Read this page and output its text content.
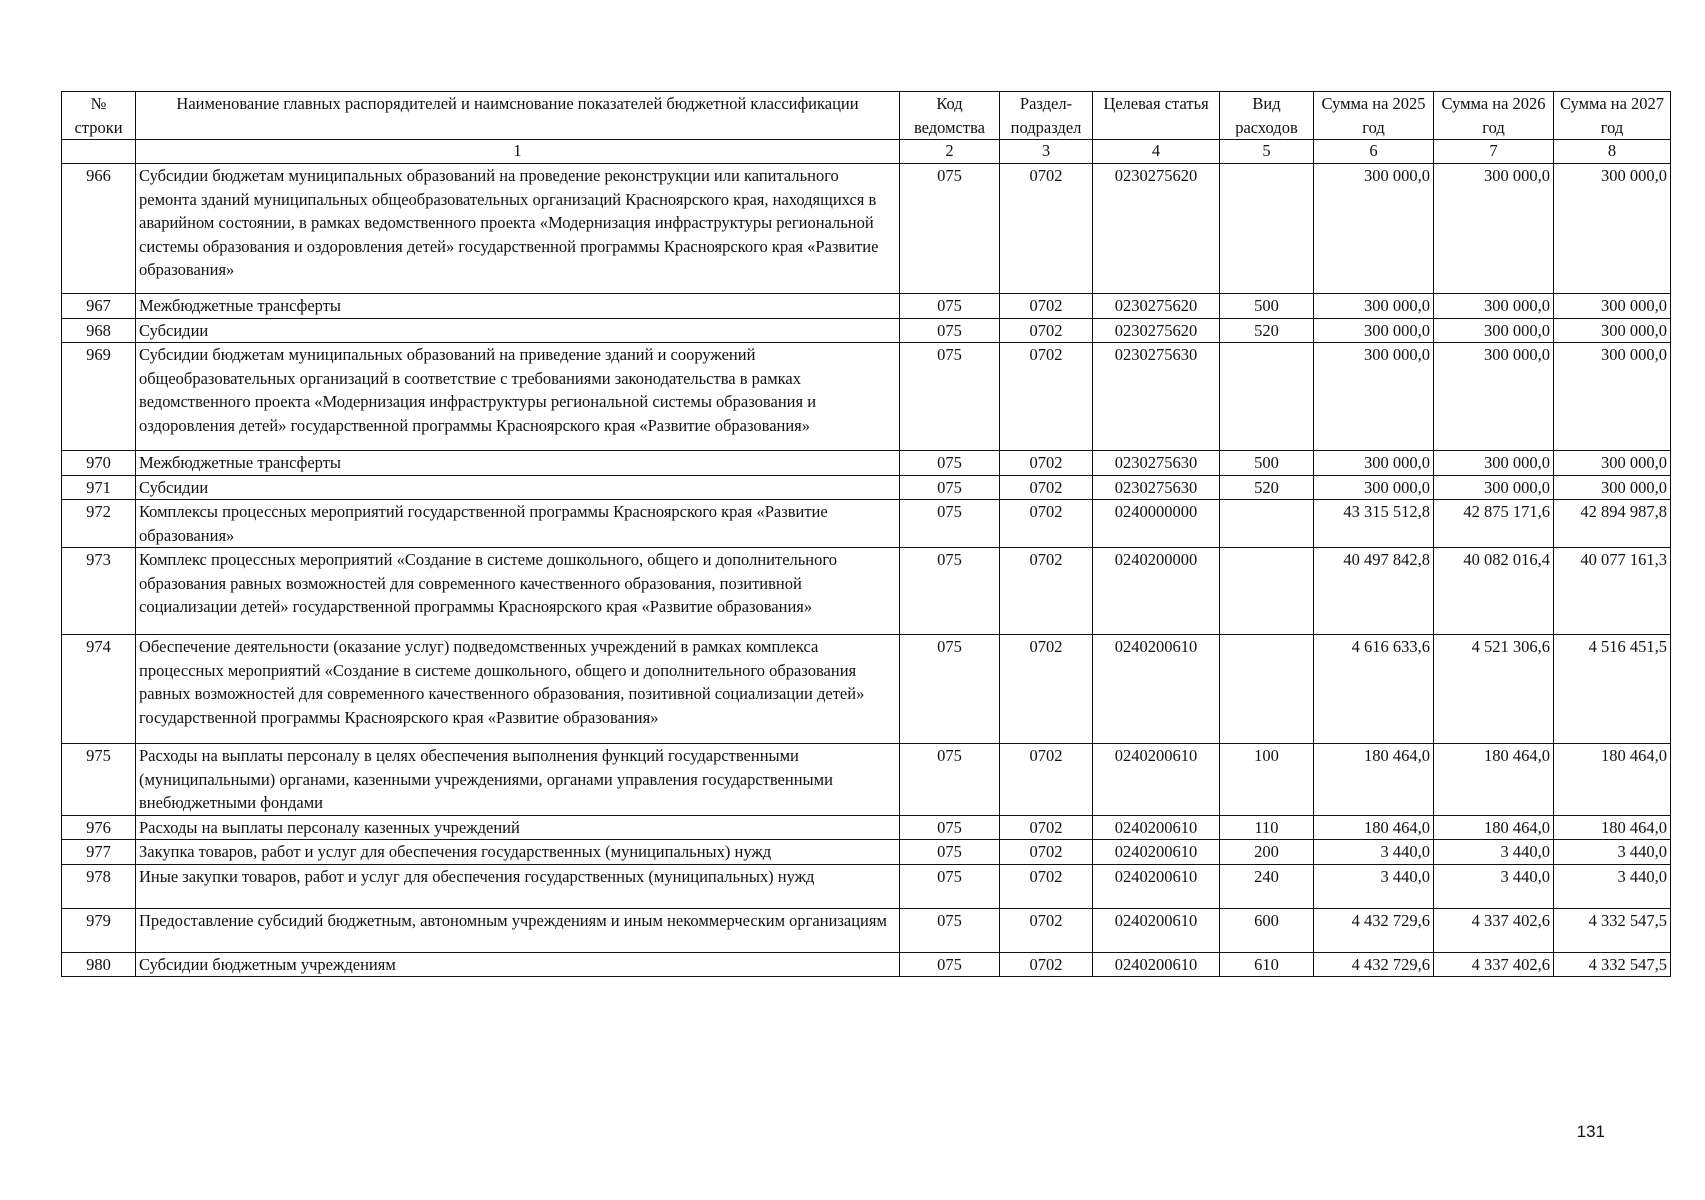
№ строки	Наименование главных распорядителей и наимснование показателей бюджетной классификации	Код ведомства	Раздел-подраздел	Целевая статья	Вид расходов	Сумма на 2025 год	Сумма на 2026 год	Сумма на 2027 год
	1	2	3	4	5	6	7	8
966	Субсидии бюджетам муниципальных образований на проведение реконструкции или капитального ремонта зданий муниципальных общеобразовательных организаций Красноярского края, находящихся в аварийном состоянии, в рамках ведомственного проекта «Модернизация инфраструктуры региональной системы образования и оздоровления детей» государственной программы Красноярского края «Развитие образования»	075	0702	0230275620		300 000,0	300 000,0	300 000,0
967	Межбюджетные трансферты	075	0702	0230275620	500	300 000,0	300 000,0	300 000,0
968	Субсидии	075	0702	0230275620	520	300 000,0	300 000,0	300 000,0
969	Субсидии бюджетам муниципальных образований на приведение зданий и сооружений общеобразовательных организаций в соответствие с требованиями законодательства в рамках ведомственного проекта «Модернизация инфраструктуры региональной системы образования и оздоровления детей» государственной программы Красноярского края «Развитие образования»	075	0702	0230275630		300 000,0	300 000,0	300 000,0
970	Межбюджетные трансферты	075	0702	0230275630	500	300 000,0	300 000,0	300 000,0
971	Субсидии	075	0702	0230275630	520	300 000,0	300 000,0	300 000,0
972	Комплексы процессных мероприятий государственной программы Красноярского края «Развитие образования»	075	0702	0240000000		43 315 512,8	42 875 171,6	42 894 987,8
973	Комплекс процессных мероприятий «Создание в системе дошкольного, общего и дополнительного образования равных возможностей для современного качественного образования, позитивной социализации детей» государственной программы Красноярского края «Развитие образования»	075	0702	0240200000		40 497 842,8	40 082 016,4	40 077 161,3
974	Обеспечение деятельности (оказание услуг) подведомственных учреждений в рамках комплекса процессных мероприятий «Создание в системе дошкольного, общего и дополнительного образования равных возможностей для современного качественного образования, позитивной социализации детей» государственной программы Красноярского края «Развитие образования»	075	0702	0240200610		4 616 633,6	4 521 306,6	4 516 451,5
975	Расходы на выплаты персоналу в целях обеспечения выполнения функций государственными (муниципальными) органами, казенными учреждениями, органами управления государственными внебюджетными фондами	075	0702	0240200610	100	180 464,0	180 464,0	180 464,0
976	Расходы на выплаты персоналу казенных учреждений	075	0702	0240200610	110	180 464,0	180 464,0	180 464,0
977	Закупка товаров, работ и услуг для обеспечения государственных (муниципальных) нужд	075	0702	0240200610	200	3 440,0	3 440,0	3 440,0
978	Иные закупки товаров, работ и услуг для обеспечения государственных (муниципальных) нужд	075	0702	0240200610	240	3 440,0	3 440,0	3 440,0
979	Предоставление субсидий бюджетным, автономным учреждениям и иным некоммерческим организациям	075	0702	0240200610	600	4 432 729,6	4 337 402,6	4 332 547,5
980	Субсидии бюджетным учреждениям	075	0702	0240200610	610	4 432 729,6	4 337 402,6	4 332 547,5
131
